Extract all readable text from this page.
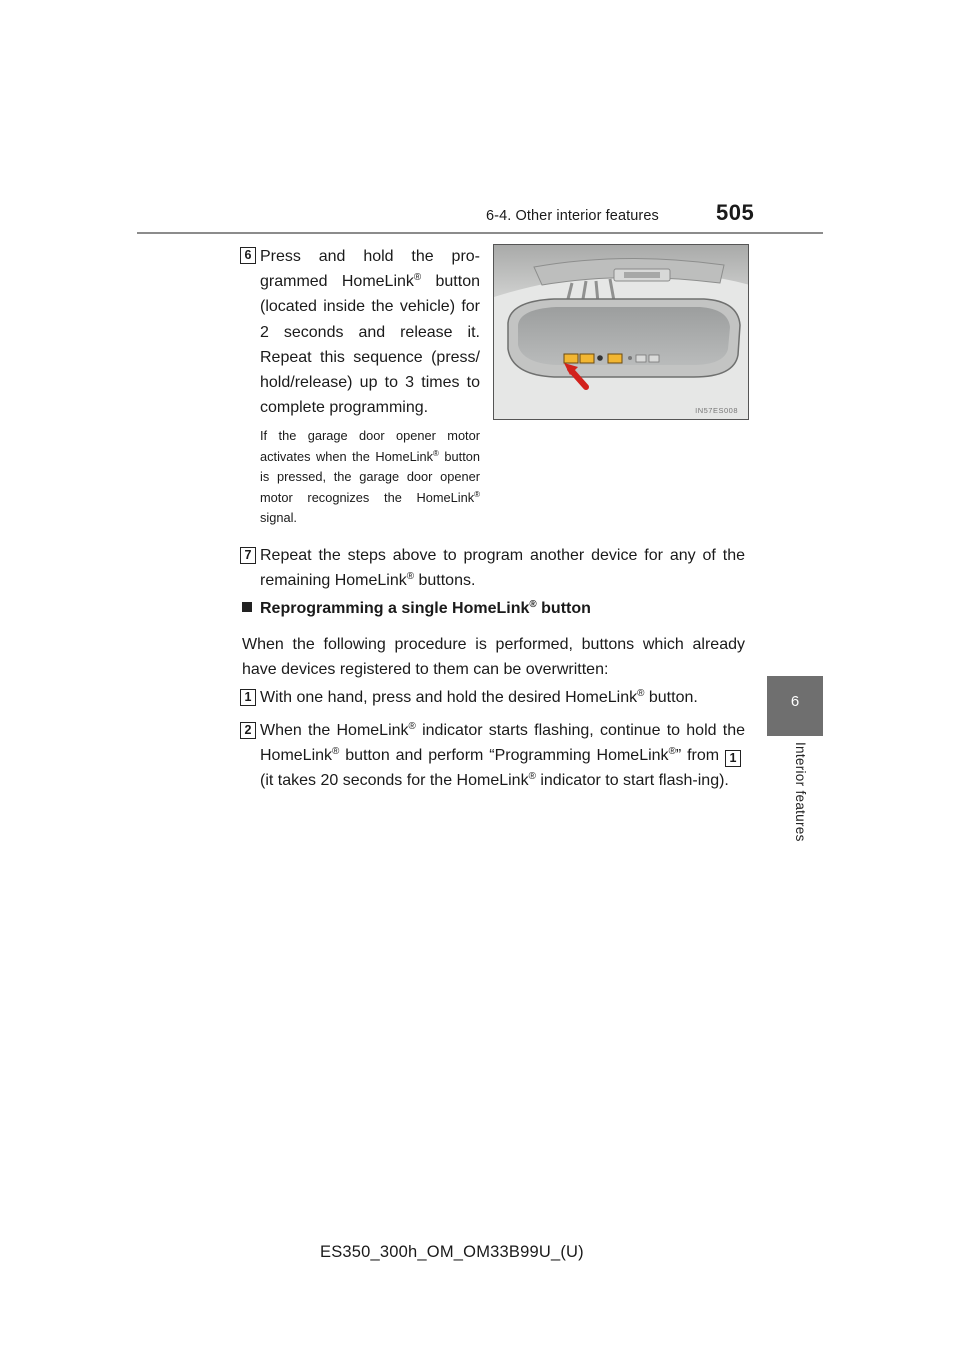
6-4. Other interior features	505
6
Interior features
6 Press and hold the pro-grammed HomeLink® button (located inside the vehicle) for 2 seconds and release it. Repeat this sequence (press/ hold/release) up to 3 times to complete programming.
If the garage door opener motor activates when the HomeLink® button is pressed, the garage door opener motor recognizes the HomeLink® signal.
IN57ES008
7 Repeat the steps above to program another device for any of the remaining HomeLink® buttons.
Reprogramming a single HomeLink® button
When the following procedure is performed, buttons which already have devices registered to them can be overwritten:
1 With one hand, press and hold the desired HomeLink® button.
2 When the HomeLink® indicator starts flashing, continue to hold the HomeLink® button and perform “Programming HomeLink®” from 1 (it takes 20 seconds for the HomeLink® indicator to start flash-ing).
ES350_300h_OM_OM33B99U_(U)
